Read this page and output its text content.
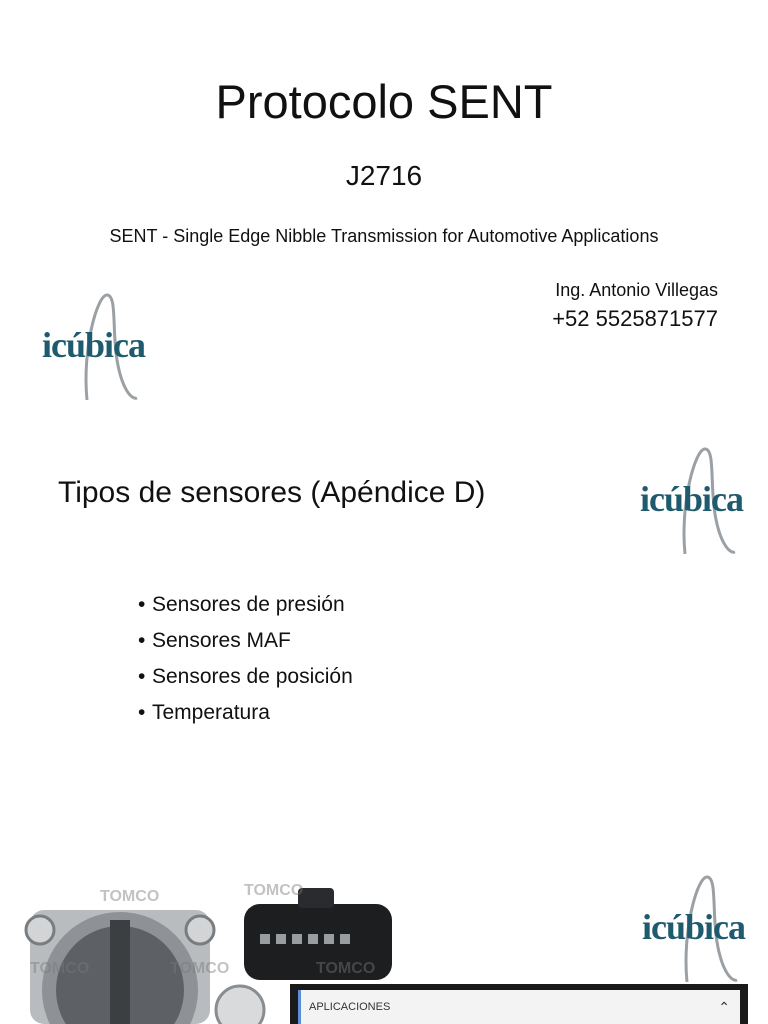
Protocolo SENT
J2716
SENT - Single Edge Nibble Transmission for Automotive Applications
Ing. Antonio Villegas
+52 5525871577
icúbica
Tipos de sensores (Apéndice D)	icúbica
• Sensores de presión
• Sensores MAF
• Sensores de posición
• Temperatura
TOMCO
TOMCO	TOMCO
TOMCO
TOMCO
icúbica
APLICACIONES	⌃
